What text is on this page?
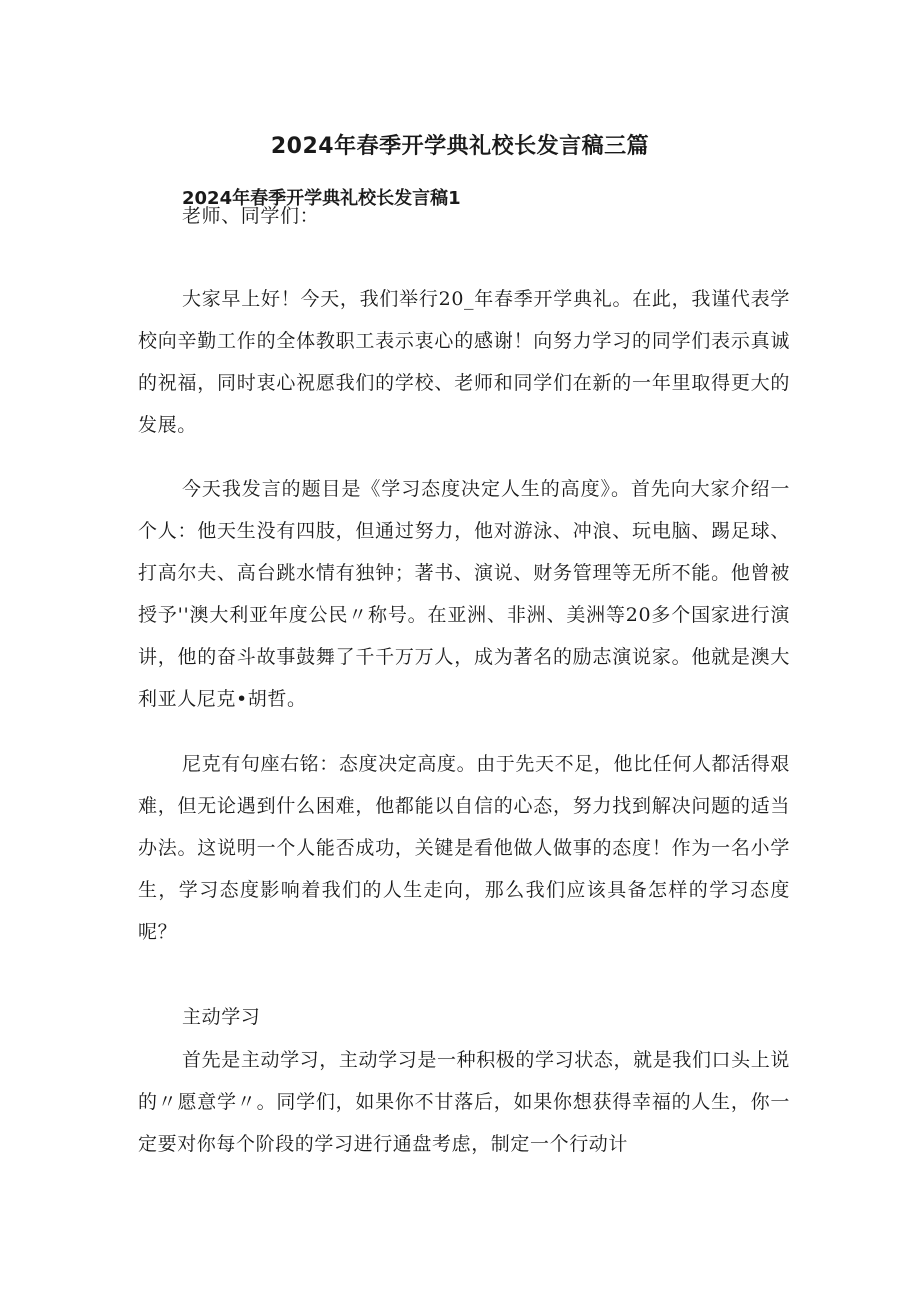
2024年春季开学典礼校长发言稿三篇
2024年春季开学典礼校长发言稿1

老师、同学们：

大家早上好！今天，我们举行20_年春季开学典礼。在此，我谨代表学校向辛勤工作的全体教职工表示衷心的感谢！向努力学习的同学们表示真诚的祝福，同时衷心祝愿我们的学校、老师和同学们在新的一年里取得更大的发展。

今天我发言的题目是《学习态度决定人生的高度》。首先向大家介绍一个人：他天生没有四肢，但通过努力，他对游泳、冲浪、玩电脑、踢足球、打高尔夫、高台跳水情有独钟；著书、演说、财务管理等无所不能。他曾被授予''澳大利亚年度公民〃称号。在亚洲、非洲、美洲等20多个国家进行演讲，他的奋斗故事鼓舞了千千万万人，成为著名的励志演说家。他就是澳大利亚人尼克•胡哲。

尼克有句座右铭：态度决定高度。由于先天不足，他比任何人都活得艰难，但无论遇到什么困难，他都能以自信的心态，努力找到解决问题的适当办法。这说明一个人能否成功，关键是看他做人做事的态度！作为一名小学生，学习态度影响着我们的人生走向，那么我们应该具备怎样的学习态度呢？

主动学习

首先是主动学习，主动学习是一种积极的学习状态，就是我们口头上说的〃愿意学〃。同学们，如果你不甘落后，如果你想获得幸福的人生，你一定要对你每个阶段的学习进行通盘考虑，制定一个行动计
